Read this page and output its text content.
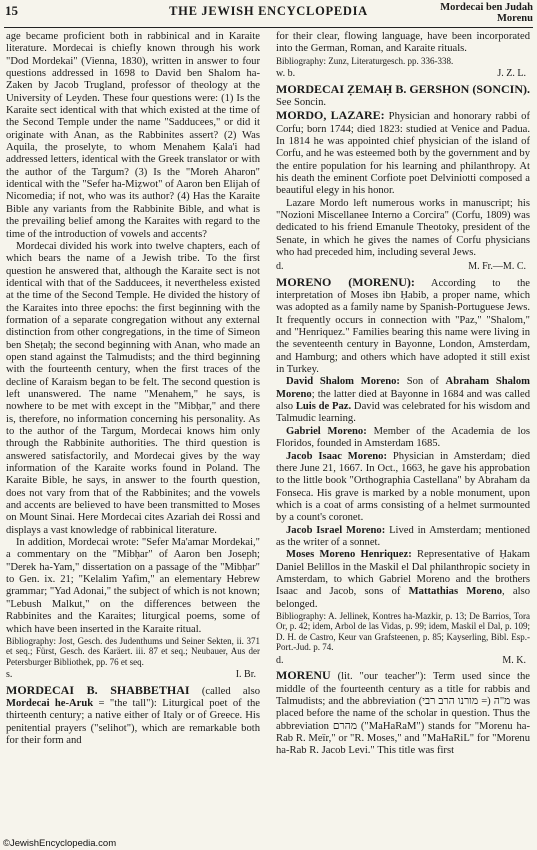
15	THE JEWISH ENCYCLOPEDIA	Mordecai ben Judah
Morenu

age became proficient both in rabbinical and in Karaite literature. Mordecai is chiefly known through his work "Dod Mordekai" (Vienna, 1830), written in answer to four questions addressed in 1698 to David ben Shalom ha-Zaken by Jacob Trugland, professor of theology at the University of Leyden. These four questions were: (1) Is the Karaite sect identical with that which existed at the time of the Second Temple under the name "Sadducees," or did it originate with Anan, as the Rabbinites assert? (2) Was Aquila, the proselyte, to whom Menahem Ḳala'i had addressed letters, identical with the Greek translator or with the author of the Targum? (3) Is the "Moreh Aharon" identical with the "Sefer ha-Miẓwot" of Aaron ben Elijah of Nicomedia; if not, who was its author? (4) Has the Karaite Bible any variants from the Rabbinite Bible, and what is the prevailing belief among the Karaites with regard to the time of the introduction of vowels and accents?

Mordecai divided his work into twelve chapters, each of which bears the name of a Jewish tribe. To the first question he answered that, although the Karaite sect is not identical with that of the Sadducees, it nevertheless existed at the time of the Second Temple. He divided the history of the Karaites into three epochs: the first beginning with the formation of a separate congregation without any external distinction from other congregations, in the time of Simeon ben Sheṭaḥ; the second beginning with Anan, who made an open stand against the Talmudists; and the third beginning with the fourteenth century, when the first traces of the decline of Karaism began to be felt. The second question is left unanswered. The name "Menahem," he says, is nowhere to be met with except in the "Mibḥar," and there is, therefore, no information concerning his personality. As to the author of the Targum, Mordecai knows him only through the Rabbinite authorities. The third question is answered satisfactorily, and Mordecai gives by the way information of the Karaite works found in Poland. The Karaite Bible, he says, in answer to the fourth question, does not vary from that of the Rabbinites; and the vowels and accents are believed to have been transmitted to Moses on Mount Sinai. Here Mordecai cites Azariah dei Rossi and displays a vast knowledge of rabbinical literature.

In addition, Mordecai wrote: "Sefer Ma'amar Mordekai," a commentary on the "Mibḥar" of Aaron ben Joseph; "Derek ha-Yam," dissertation on a passage of the "Mibḥar" to Gen. ix. 21; "Kelalim Yafim," an elementary Hebrew grammar; "Yad Adonai," the subject of which is not known; "Lebush Malkut," on the differences between the Rabbinites and the Karaites; liturgical poems, some of which have been inserted in the Karaite ritual.

Bibliography: Jost, Gesch. des Judenthums und Seiner Sekten, ii. 371 et seq.; Fürst, Gesch. des Karäert. iii. 87 et seq.; Neubauer, Aus der Petersburger Bibliothek, pp. 76 et seq.

s.	I. Br.

MORDECAI B. SHABBETHAI (called also Mordecai he-Aruk = "the tall"): Liturgical poet of the thirteenth century; a native either of Italy or of Greece. His penitential prayers ("selihot"), which are remarkable both for their form and

for their clear, flowing language, have been incorporated into the German, Roman, and Karaite rituals.

Bibliography: Zunz, Literaturgesch. pp. 336-338.

w. b.	J. Z. L.

MORDECAI ẒEMAḤ B. GERSHON (SONCIN). See Soncin.

MORDO, LAZARE: Physician and honorary rabbi of Corfu; born 1744; died 1823: studied at Venice and Padua. In 1814 he was appointed chief physician of the island of Corfu, and he was esteemed both by the government and by the entire population for his learning and philanthropy. At his death the eminent Corfiote poet Delviniotti composed a beautiful elegy in his honor.

Lazare Mordo left numerous works in manuscript; his "Nozioni Miscellanee Interno a Corcira" (Corfu, 1809) was dedicated to his friend Emanule Theotoky, president of the Senate, in which he gives the names of Corfu physicians who had preceded him, including several Jews.

d.	M. Fr.—M. C.

MORENO (MORENU): According to the interpretation of Moses ibn Ḥabib, a proper name, which was adopted as a family name by Spanish-Portuguese Jews. It frequently occurs in connection with "Paz," "Shalom," and "Henriquez." Families bearing this name were living in the seventeenth century in Bayonne, London, Amsterdam, and Hamburg; and others which have adopted it still exist in Turkey.

David Shalom Moreno: Son of Abraham Shalom Moreno; the latter died at Bayonne in 1684 and was called also Luis de Paz. David was celebrated for his wisdom and Talmudic learning.

Gabriel Moreno: Member of the Academia de los Floridos, founded in Amsterdam 1685.

Jacob Isaac Moreno: Physician in Amsterdam; died there June 21, 1667. In Oct., 1663, he gave his approbation to the little book "Orthographia Castellana" by Abraham da Fonseca. His grave is marked by a noble monument, upon which is a coat of arms consisting of a helmet surmounted by a count's coronet.

Jacob Israel Moreno: Lived in Amsterdam; mentioned as the writer of a sonnet.

Moses Moreno Henriquez: Representative of Ḥakam Daniel Belillos in the Maskil el Dal philanthropic society in Amsterdam, to which Gabriel Moreno and the brothers Isaac and Jacob, sons of Mattathias Moreno, also belonged.

Bibliography: A. Jellinek, Kontres ha-Mazkir, p. 13; De Barrios, Tora Or, p. 42; idem, Arbol de las Vidas, p. 99; idem, Maskil el Dal, p. 109; D. H. de Castro, Keur van Grafsteenen, p. 85; Kayserling, Bibl. Esp.-Port.-Jud. p. 74.

d.	M. K.

MORENU (lit. "our teacher"): Term used since the middle of the fourteenth century as a title for rabbis and Talmudists; and the abbreviation מ"ה (= מורנו הרב רבי) was placed before the name of the scholar in question. Thus the abbreviation מהרם ("MaHaRaM") stands for "Morenu ha-Rab R. Meïr," or "R. Moses," and "MaHaRiL" for "Morenu ha-Rab R. Jacob Levi." This title was first

©JewishEncyclopedia.com
